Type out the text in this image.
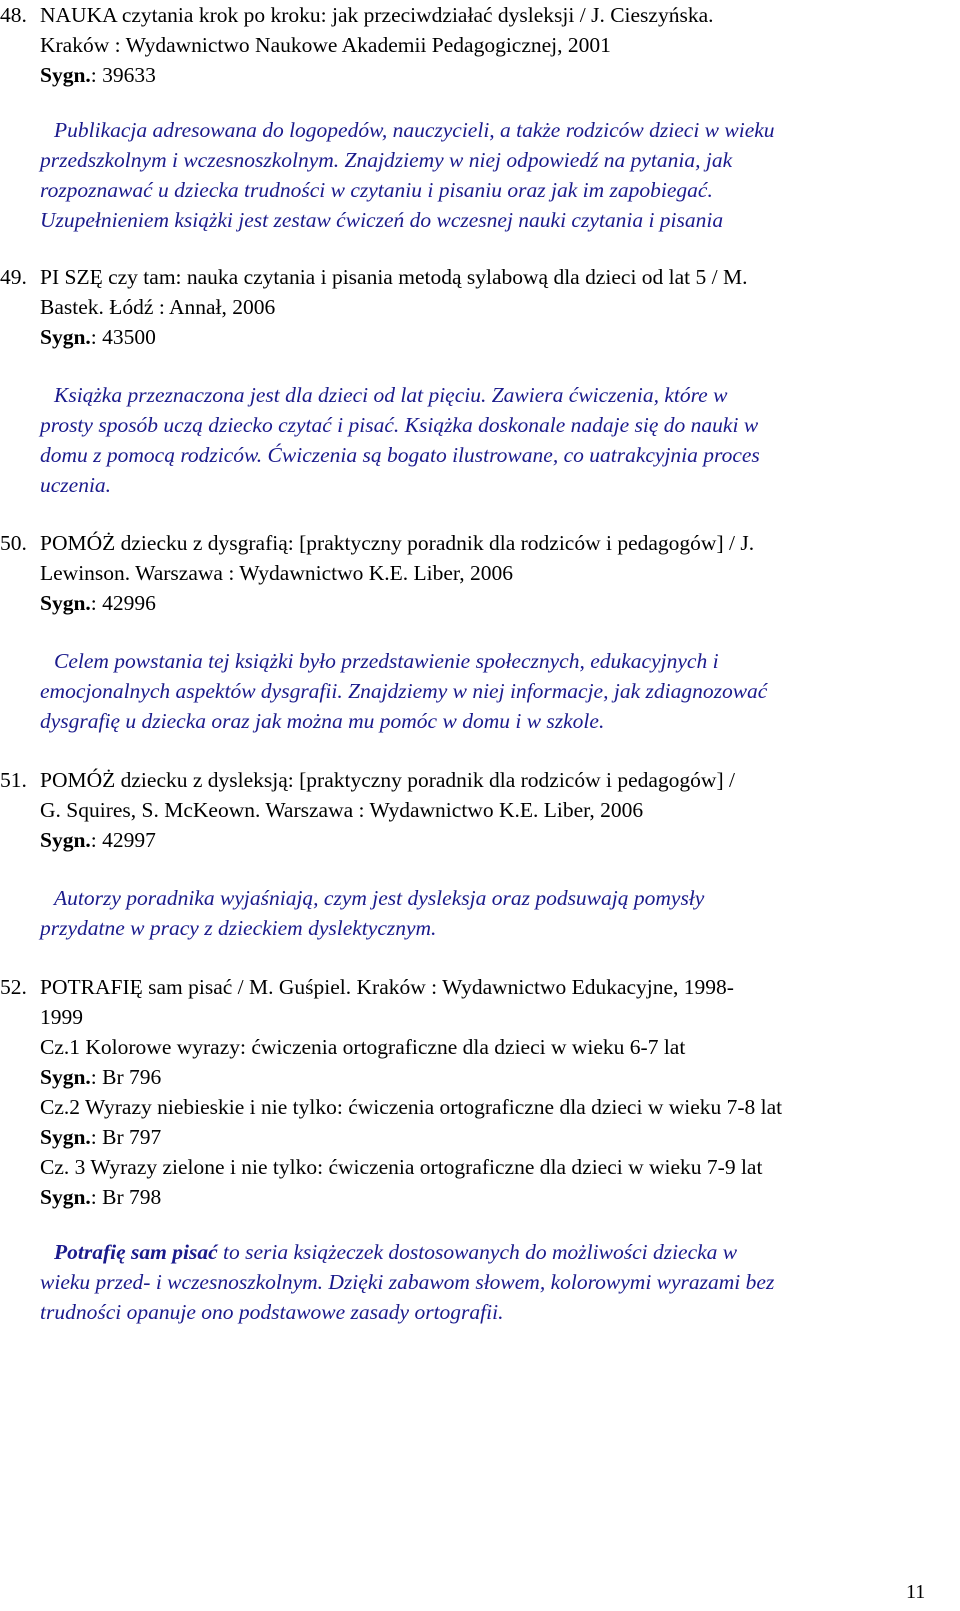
48. NAUKA czytania krok po kroku: jak przeciwdziałać dysleksji / J. Cieszyńska.
Kraków : Wydawnictwo Naukowe Akademii Pedagogicznej, 2001
Sygn.: 39633
Publikacja adresowana do logopedów, nauczycieli, a także rodziców dzieci w wieku
przedszkolnym i wczesnoszkolnym. Znajdziemy w niej odpowiedź na pytania, jak
rozpoznawać u dziecka trudności w czytaniu i pisaniu oraz jak im zapobiegać.
Uzupełnieniem książki jest zestaw ćwiczeń do wczesnej nauki czytania i pisania
49. PI SZĘ czy tam: nauka czytania i pisania metodą sylabową dla dzieci od lat 5 / M.
Bastek. Łódź : Annał, 2006
Sygn.: 43500
Książka przeznaczona jest dla dzieci od lat pięciu. Zawiera ćwiczenia, które w
prosty sposób uczą dziecko czytać i pisać. Książka doskonale nadaje się do nauki w
domu z pomocą rodziców. Ćwiczenia są bogato ilustrowane, co uatrakcyjnia proces
uczenia.
50. POMÓŻ dziecku z dysgrafią: [praktyczny poradnik dla rodziców i pedagogów] / J.
Lewinson. Warszawa : Wydawnictwo K.E. Liber, 2006
Sygn.: 42996
Celem powstania tej książki było przedstawienie społecznych, edukacyjnych i
emocjonalnych aspektów dysgrafii. Znajdziemy w niej informacje, jak zdiagnozować
dysgrafię u dziecka oraz jak można mu pomóc w domu i w szkole.
51. POMÓŻ dziecku z dysleksją: [praktyczny poradnik dla rodziców i pedagogów] /
G. Squires, S. McKeown. Warszawa : Wydawnictwo K.E. Liber, 2006
Sygn.: 42997
Autorzy poradnika wyjaśniają, czym jest dysleksja oraz podsuwają pomysły
przydatne w pracy z dzieckiem dyslektycznym.
52. POTRAFIĘ sam pisać / M. Guśpiel. Kraków : Wydawnictwo Edukacyjne, 1998-
1999
Cz.1 Kolorowe wyrazy: ćwiczenia ortograficzne dla dzieci w wieku 6-7 lat
Sygn.: Br 796
Cz.2 Wyrazy niebieskie i nie tylko: ćwiczenia ortograficzne dla dzieci w wieku 7-8 lat
Sygn.: Br 797
Cz. 3 Wyrazy zielone i nie tylko: ćwiczenia ortograficzne dla dzieci w wieku 7-9 lat
Sygn.: Br 798
Potrafię sam pisać to seria książeczek dostosowanych do możliwości dziecka w
wieku przed- i wczesnoszkolnym. Dzięki zabawom słowem, kolorowymi wyrazami bez
trudności opanuje ono podstawowe zasady ortografii.
11
